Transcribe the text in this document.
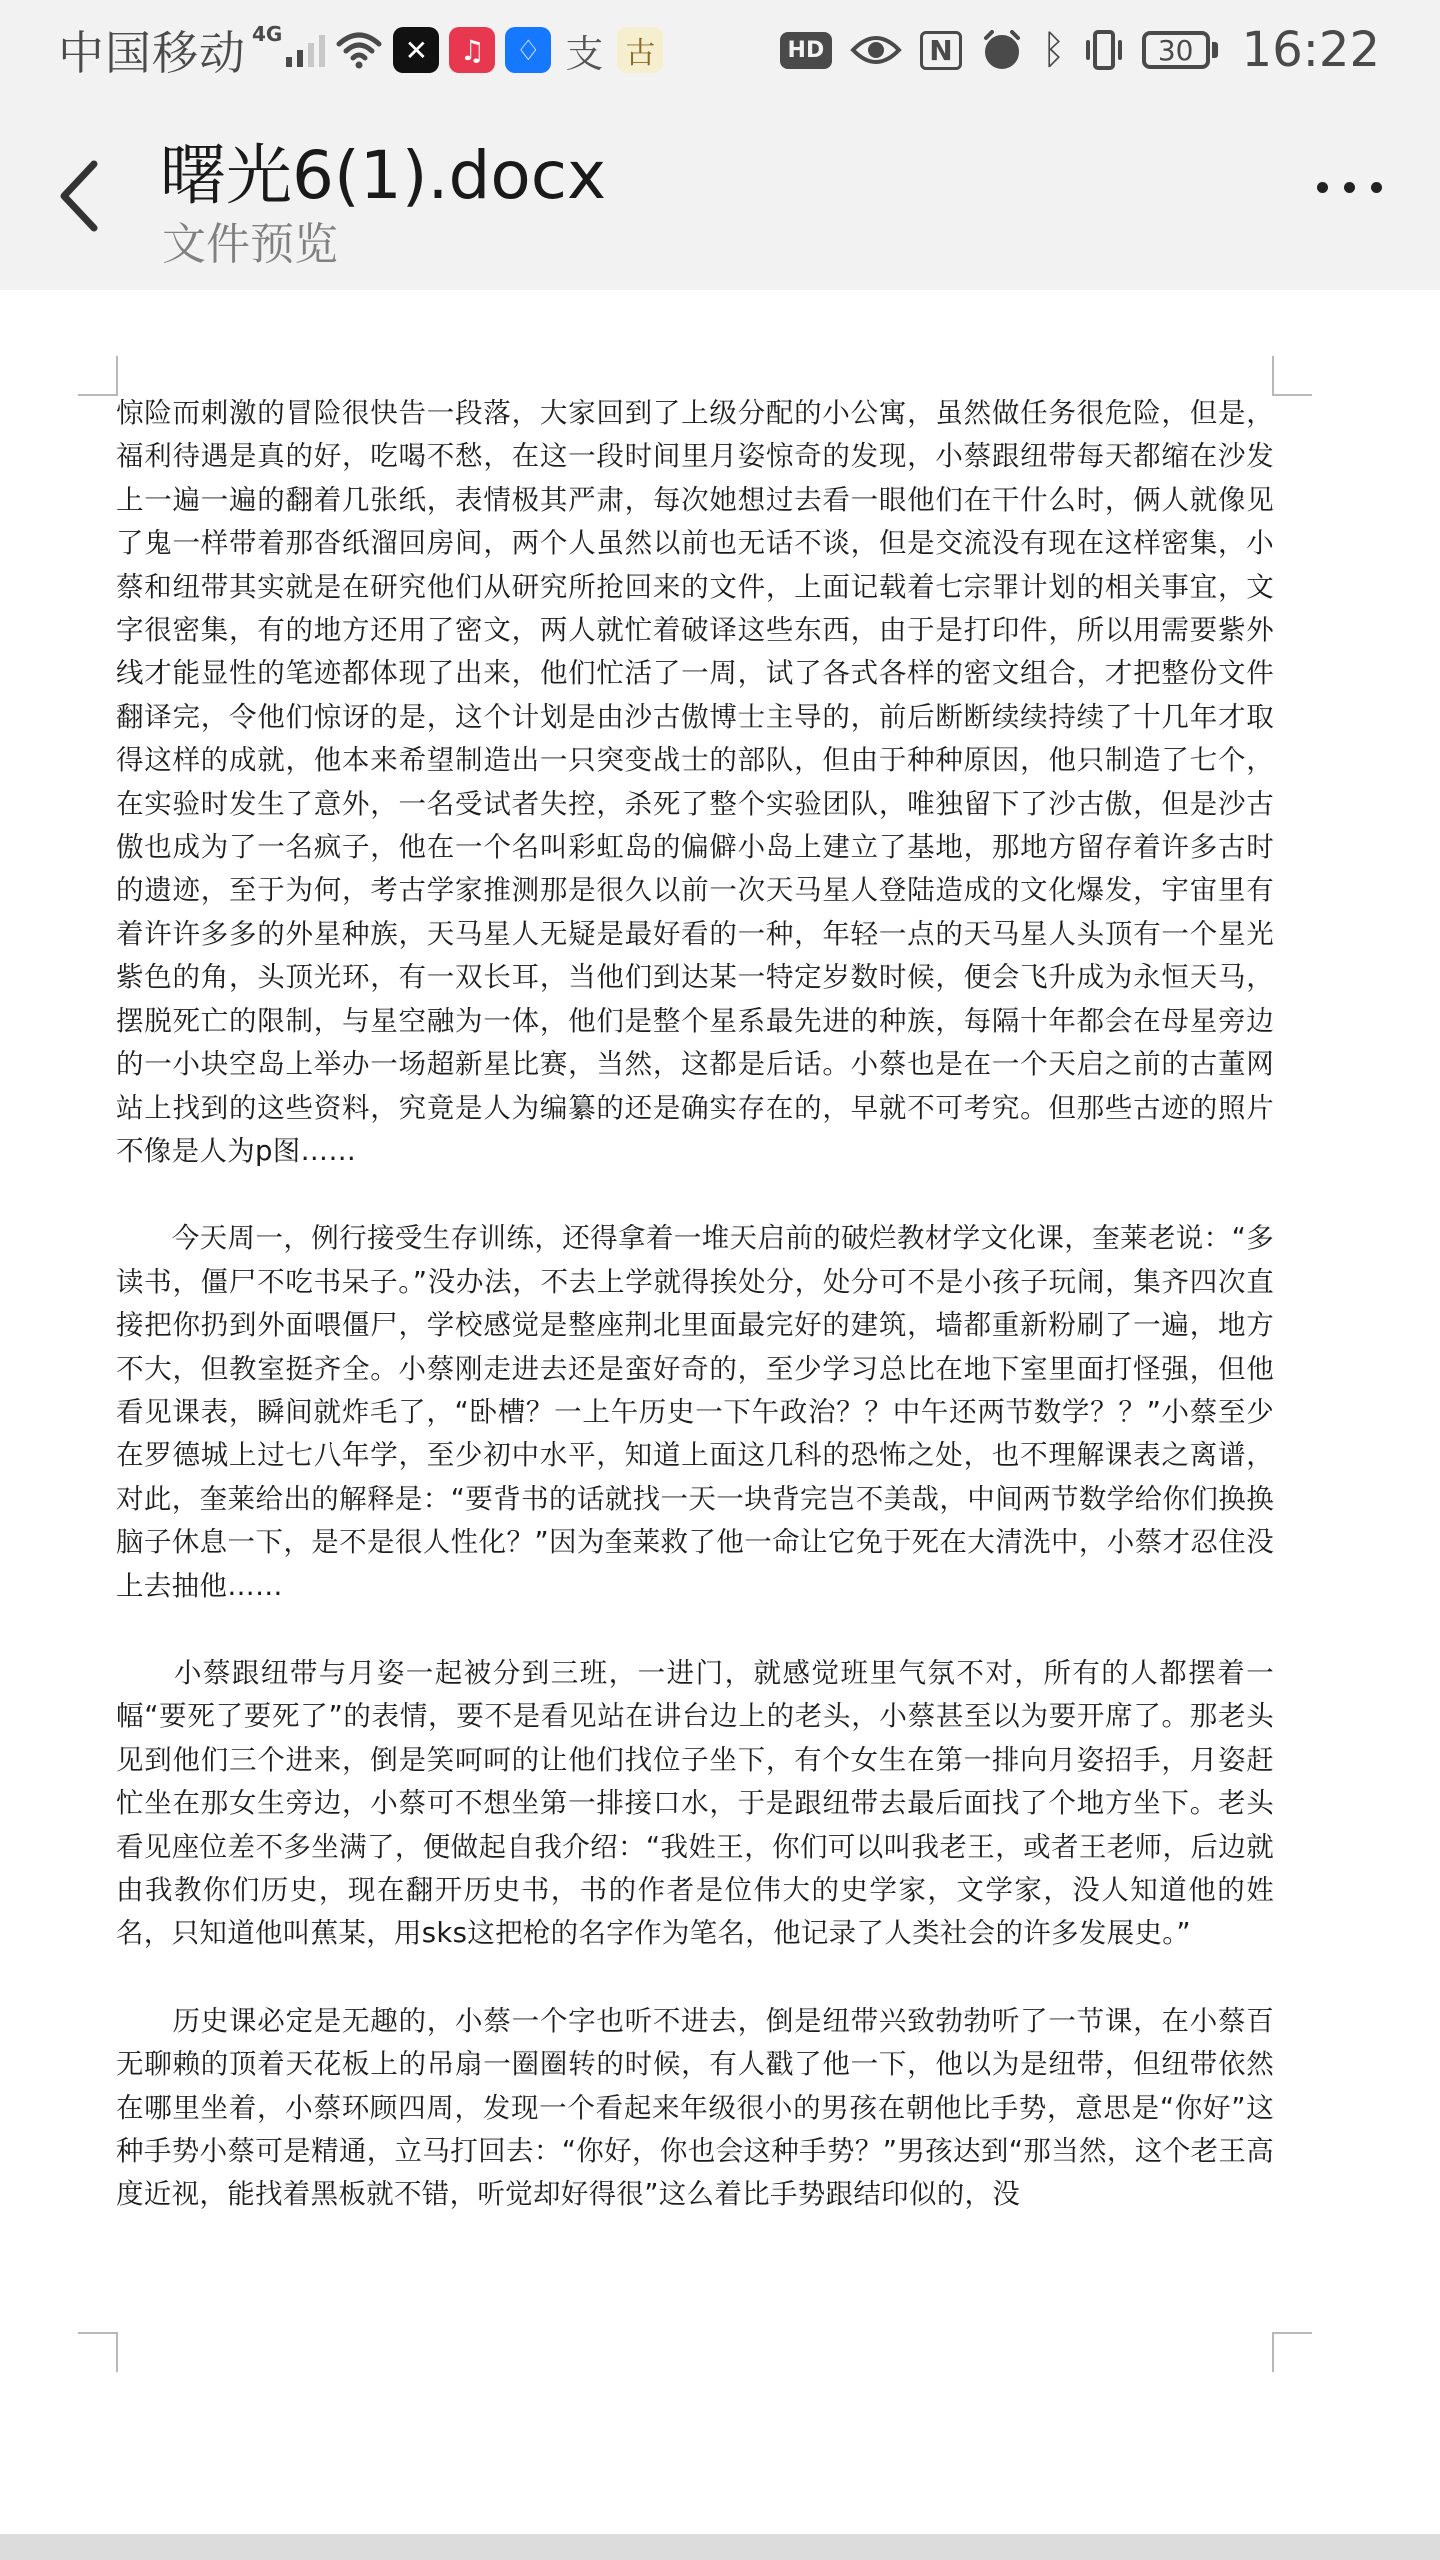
中国移动 4G	✕	♫	♢ 支 古	HD	N ᛒ	30	16:22
曙光6(1).docx
文件预览

惊险而刺激的冒险很快告一段落，大家回到了上级分配的小公寓，虽然做任务很危险，但是，福利待遇是真的好，吃喝不愁，在这一段时间里月姿惊奇的发现，小蔡跟纽带每天都缩在沙发上一遍一遍的翻着几张纸，表情极其严肃，每次她想过去看一眼他们在干什么时，俩人就像见了鬼一样带着那沓纸溜回房间，两个人虽然以前也无话不谈，但是交流没有现在这样密集，小蔡和纽带其实就是在研究他们从研究所抢回来的文件，上面记载着七宗罪计划的相关事宜，文字很密集，有的地方还用了密文，两人就忙着破译这些东西，由于是打印件，所以用需要紫外线才能显性的笔迹都体现了出来，他们忙活了一周，试了各式各样的密文组合，才把整份文件翻译完，令他们惊讶的是，这个计划是由沙古傲博士主导的，前后断断续续持续了十几年才取得这样的成就，他本来希望制造出一只突变战士的部队，但由于种种原因，他只制造了七个，在实验时发生了意外，一名受试者失控，杀死了整个实验团队，唯独留下了沙古傲，但是沙古傲也成为了一名疯子，他在一个名叫彩虹岛的偏僻小岛上建立了基地，那地方留存着许多古时的遗迹，至于为何，考古学家推测那是很久以前一次天马星人登陆造成的文化爆发，宇宙里有着许许多多的外星种族，天马星人无疑是最好看的一种，年轻一点的天马星人头顶有一个星光紫色的角，头顶光环，有一双长耳，当他们到达某一特定岁数时候，便会飞升成为永恒天马，摆脱死亡的限制，与星空融为一体，他们是整个星系最先进的种族，每隔十年都会在母星旁边的一小块空岛上举办一场超新星比赛，当然，这都是后话。小蔡也是在一个天启之前的古董网站上找到的这些资料，究竟是人为编纂的还是确实存在的，早就不可考究。但那些古迹的照片不像是人为p图……

　　今天周一，例行接受生存训练，还得拿着一堆天启前的破烂教材学文化课，奎莱老说：“多读书，僵尸不吃书呆子。”没办法，不去上学就得挨处分，处分可不是小孩子玩闹，集齐四次直接把你扔到外面喂僵尸，学校感觉是整座荆北里面最完好的建筑，墙都重新粉刷了一遍，地方不大，但教室挺齐全。小蔡刚走进去还是蛮好奇的，至少学习总比在地下室里面打怪强，但他看见课表，瞬间就炸毛了，“卧槽？一上午历史一下午政治？？中午还两节数学？？”小蔡至少在罗德城上过七八年学，至少初中水平，知道上面这几科的恐怖之处，也不理解课表之离谱，对此，奎莱给出的解释是：“要背书的话就找一天一块背完岂不美哉，中间两节数学给你们换换脑子休息一下，是不是很人性化？”因为奎莱救了他一命让它免于死在大清洗中，小蔡才忍住没上去抽他……

　　小蔡跟纽带与月姿一起被分到三班，一进门，就感觉班里气氛不对，所有的人都摆着一幅“要死了要死了”的表情，要不是看见站在讲台边上的老头，小蔡甚至以为要开席了。那老头见到他们三个进来，倒是笑呵呵的让他们找位子坐下，有个女生在第一排向月姿招手，月姿赶忙坐在那女生旁边，小蔡可不想坐第一排接口水，于是跟纽带去最后面找了个地方坐下。老头看见座位差不多坐满了，便做起自我介绍：“我姓王，你们可以叫我老王，或者王老师，后边就由我教你们历史，现在翻开历史书，书的作者是位伟大的史学家，文学家，没人知道他的姓名，只知道他叫蕉某，用sks这把枪的名字作为笔名，他记录了人类社会的许多发展史。”

　　历史课必定是无趣的，小蔡一个字也听不进去，倒是纽带兴致勃勃听了一节课，在小蔡百无聊赖的顶着天花板上的吊扇一圈圈转的时候，有人戳了他一下，他以为是纽带，但纽带依然在哪里坐着，小蔡环顾四周，发现一个看起来年级很小的男孩在朝他比手势，意思是“你好”这种手势小蔡可是精通，立马打回去：“你好，你也会这种手势？”男孩达到“那当然，这个老王高度近视，能找着黑板就不错，听觉却好得很”这么着比手势跟结印似的，没
